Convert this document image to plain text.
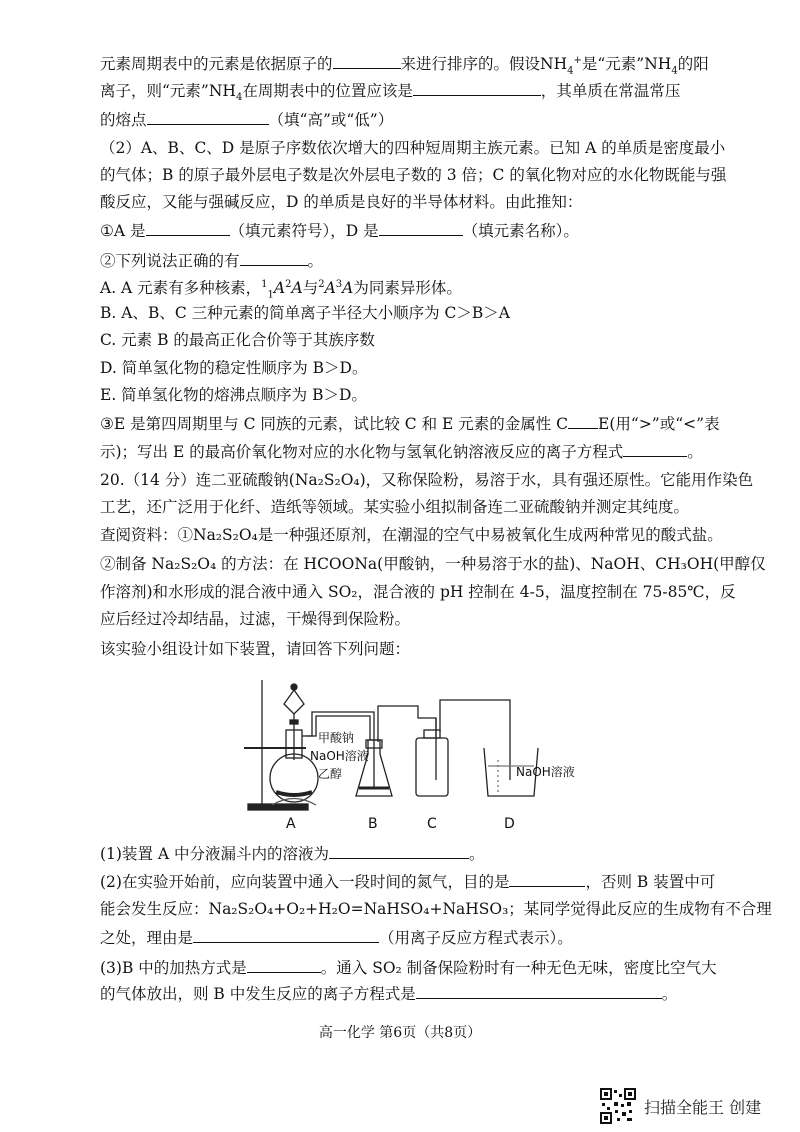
元素周期表中的元素是依据原子的	来进行排序的。假设$NH_4^+$是“元素$”NH_4$的阳
离子，则“元素$”NH_4$在周期表中的位置应该是	，其单质在常温常压
的熔点	（填“高”或“低”）
（2）A、B、C、D 是原子序数依次增大的四种短周期主族元素。已知 A 的单质是密度最小
的气体；B 的原子最外层电子数是次外层电子数的 3 倍；C 的氧化物对应的水化物既能与强
酸反应，又能与强碱反应，D 的单质是良好的半导体材料。由此推知：
①A 是	（填元素符号），D 是	（填元素名称）。
②下列说法正确的有	。
A. A 元素有多种核素，$^1_1A^2A$与$^2A^3A$为同素异形体。
B. A、B、C 三种元素的简单离子半径大小顺序为 C＞B＞A
C. 元素 B 的最高正化合价等于其族序数
D. 简单氢化物的稳定性顺序为 B＞D。
E. 简单氢化物的熔沸点顺序为 B＞D。
③E 是第四周期里与 C 同族的元素，试比较 C 和 E 元素的金属性 C E(用“>”或“<”表
示)；写出 E 的最高价氧化物对应的水化物与氢氧化钠溶液反应的离子方程式	。
20.（14 分）连二亚硫酸钠(Na₂S₂O₄)，又称保险粉，易溶于水，具有强还原性。它能用作染色
工艺，还广泛用于化纤、造纸等领域。某实验小组拟制备连二亚硫酸钠并测定其纯度。
查阅资料：①Na₂S₂O₄是一种强还原剂，在潮湿的空气中易被氧化生成两种常见的酸式盐。
②制备 Na₂S₂O₄ 的方法：在 HCOONa(甲酸钠，一种易溶于水的盐)、NaOH、CH₃OH(甲醇仅
作溶剂)和水形成的混合液中通入 SO₂，混合液的 pH 控制在 4-5，温度控制在 75-85℃，反
应后经过冷却结晶，过滤，干燥得到保险粉。
该实验小组设计如下装置，请回答下列问题：
甲酸钠
NaOH溶液
乙醇	NaOH溶液
A	B	C	D
(1)装置 A 中分液漏斗内的溶液为	。
(2)在实验开始前，应向装置中通入一段时间的氮气，目的是	，否则 B 装置中可
能会发生反应：Na₂S₂O₄+O₂+H₂O=NaHSO₄+NaHSO₃；某同学觉得此反应的生成物有不合理
之处，理由是	（用离子反应方程式表示）。
(3)B 中的加热方式是	。通入 SO₂ 制备保险粉时有一种无色无味，密度比空气大
的气体放出，则 B 中发生反应的离子方程式是	。
高一化学 第6页（共8页）
扫描全能王 创建
